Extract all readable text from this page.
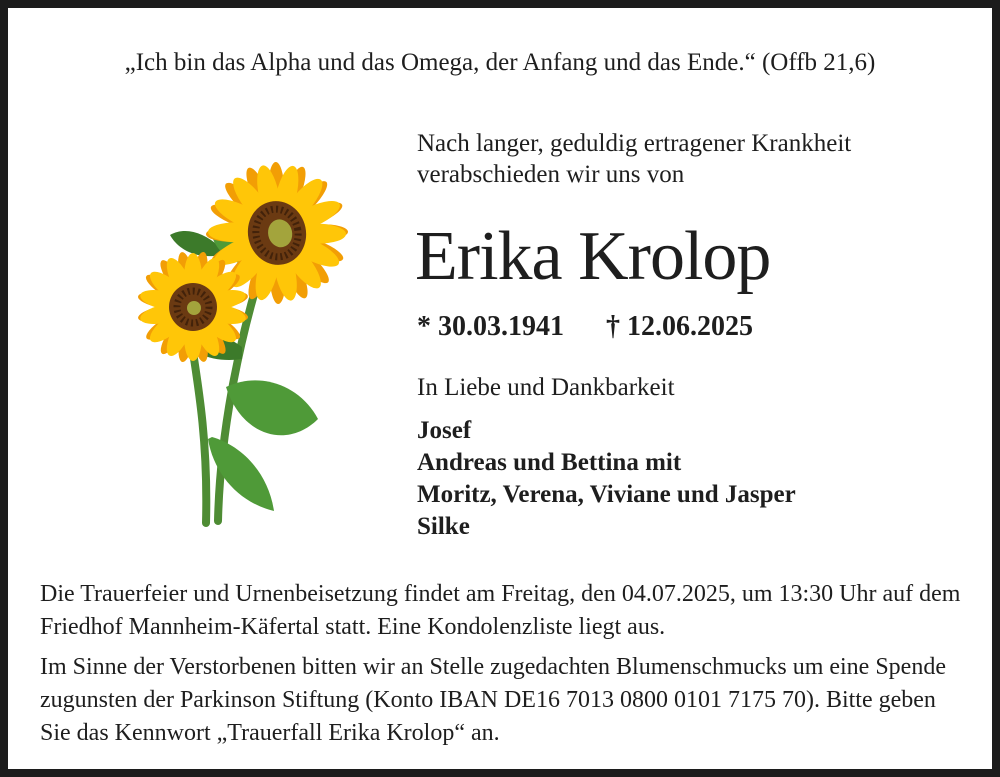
„Ich bin das Alpha und das Omega, der Anfang und das Ende.“ (Offb 21,6)
Nach langer, geduldig ertragener Krankheit verabschieden wir uns von
Erika Krolop
* 30.03.1941 † 12.06.2025
In Liebe und Dankbarkeit
Josef
Andreas und Bettina mit
Moritz, Verena, Viviane und Jasper
Silke

Die Trauerfeier und Urnenbeisetzung findet am Freitag, den 04.07.2025, um 13:30 Uhr auf dem Friedhof Mannheim-Käfertal statt. Eine Kondolenzliste liegt aus.

Im Sinne der Verstorbenen bitten wir an Stelle zugedachten Blumenschmucks um eine Spende zugunsten der Parkinson Stiftung (Konto IBAN DE16 7013 0800 0101 7175 70). Bitte geben Sie das Kennwort „Trauerfall Erika Krolop“ an.
